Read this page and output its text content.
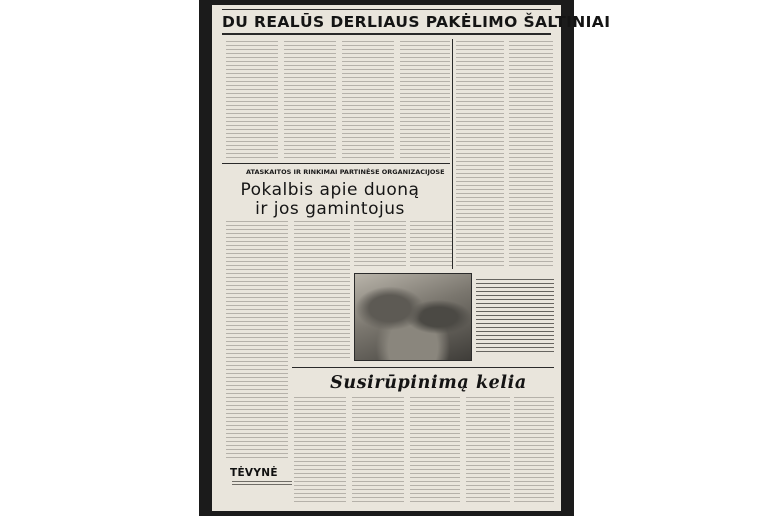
DU REALŪS DERLIAUS PAKĖLIMO ŠALTINIAI
ATASKAITOS IR RINKIMAI PARTINĖSE ORGANIZACIJOSE
Pokalbis apie duoną
ir jos gamintojus
Susirūpinimą kelia
TĖVYNĖ
